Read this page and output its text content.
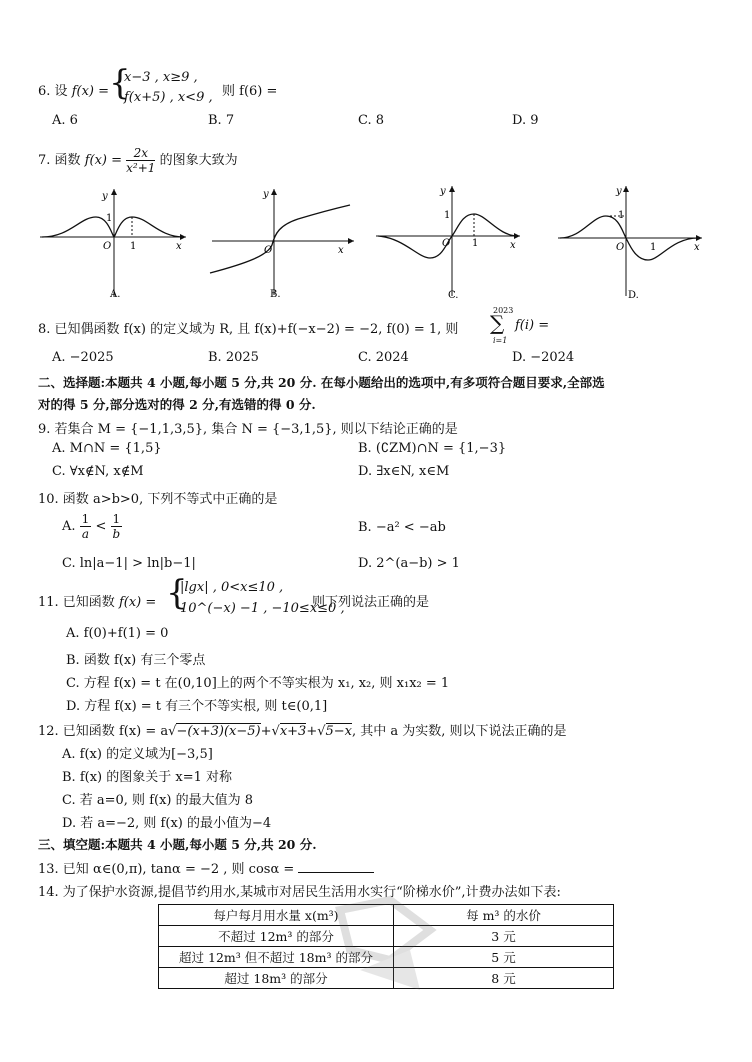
6. 设 f(x) = {
x−3 , x≥9 ,
f(x+5) , x<9 , 则 f(6) =
A. 6	B. 7	C. 8	D. 9
7. 函数 $f(x) = \frac{2x}{\text{x²+1}}$ 的图象大致为
y
1
O 1	x
A.
y
O	x
B.
y
1
O 1	x
C.
y
1
O	1	x
D.
8. 已知偶函数 f(x) 的定义域为 R, 且 f(x)+f(−x−2) = −2, f(0) = 1, 则
2023
∑
i=1
f(i) =
A. −2025	B. 2025	C. 2024	D. −2024
二、选择题:本题共 4 小题,每小题 5 分,共 20 分. 在每小题给出的选项中,有多项符合题目要求,全部选
对的得 5 分,部分选对的得 2 分,有选错的得 0 分.
9. 若集合 M = {−1,1,3,5}, 集合 N = {−3,1,5}, 则以下结论正确的是
A. M∩N = {1,5}	B. (∁ZM)∩N = {1,−3}
C. ∀x∉N, x∉M	D. ∃x∈N, x∈M
10. 函数 a>b>0, 下列不等式中正确的是
A. $\frac{1}{a} < \frac{1}{b}$	B. −a² < −ab
C. ln|a−1| > ln|b−1|	D. 2^(a−b) > 1
11. 已知函数 f(x) = {
|lgx| , 0<x≤10 ,
10^(−x) −1 , −10≤x≤0 ,
则下列说法正确的是
A. f(0)+f(1) = 0
B. 函数 f(x) 有三个零点
C. 方程 f(x) = t 在(0,10]上的两个不等实根为 x₁, x₂, 则 x₁x₂ = 1
D. 方程 f(x) = t 有三个不等实根, 则 t∈(0,1]
12. 已知函数 f(x) = a√−(x+3)(x−5)+√x+3+√5−x, 其中 a 为实数, 则以下说法正确的是
A. f(x) 的定义域为[−3,5]
B. f(x) 的图象关于 x=1 对称
C. 若 a=0, 则 f(x) 的最大值为 8
D. 若 a=−2, 则 f(x) 的最小值为−4
三、填空题:本题共 4 小题,每小题 5 分,共 20 分.
13. 已知 α∈(0,π), tanα = −2 , 则 cosα =
14. 为了保护水资源,提倡节约用水,某城市对居民生活用水实行“阶梯水价”,计费办法如下表:
每户每月用水量 x(m³)	每 m³ 的水价
不超过 12m³ 的部分	3 元
超过 12m³ 但不超过 18m³ 的部分	5 元
超过 18m³ 的部分	8 元
